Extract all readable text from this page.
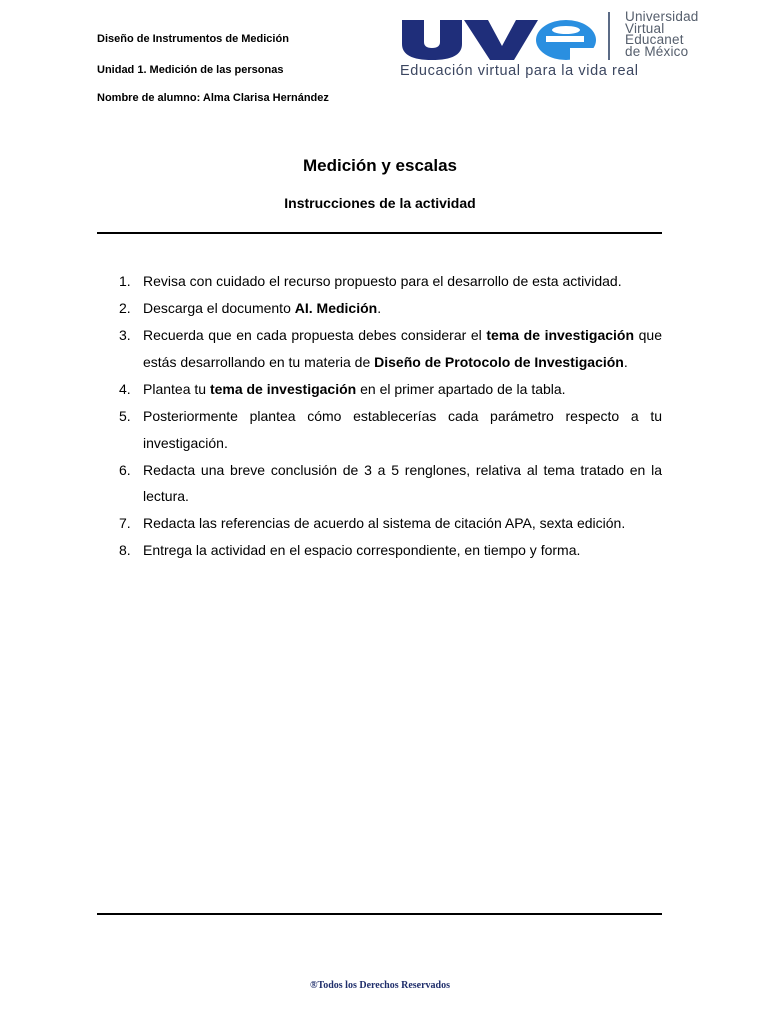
Diseño de Instrumentos de Medición
Unidad 1. Medición de las personas
Nombre de alumno: Alma Clarisa Hernández
Universidad
Virtual
Educanet
de México
Educación virtual para la vida real
Medición y escalas
Instrucciones de la actividad
1. Revisa con cuidado el recurso propuesto para el desarrollo de esta actividad.
2. Descarga el documento AI. Medición.
3. Recuerda que en cada propuesta debes considerar el tema de investigación que estás desarrollando en tu materia de Diseño de Protocolo de Investigación.
4. Plantea tu tema de investigación en el primer apartado de la tabla.
5. Posteriormente plantea cómo establecerías cada parámetro respecto a tu investigación.
6. Redacta una breve conclusión de 3 a 5 renglones, relativa al tema tratado en la lectura.
7. Redacta las referencias de acuerdo al sistema de citación APA, sexta edición.
8. Entrega la actividad en el espacio correspondiente, en tiempo y forma.
®Todos los Derechos Reservados
